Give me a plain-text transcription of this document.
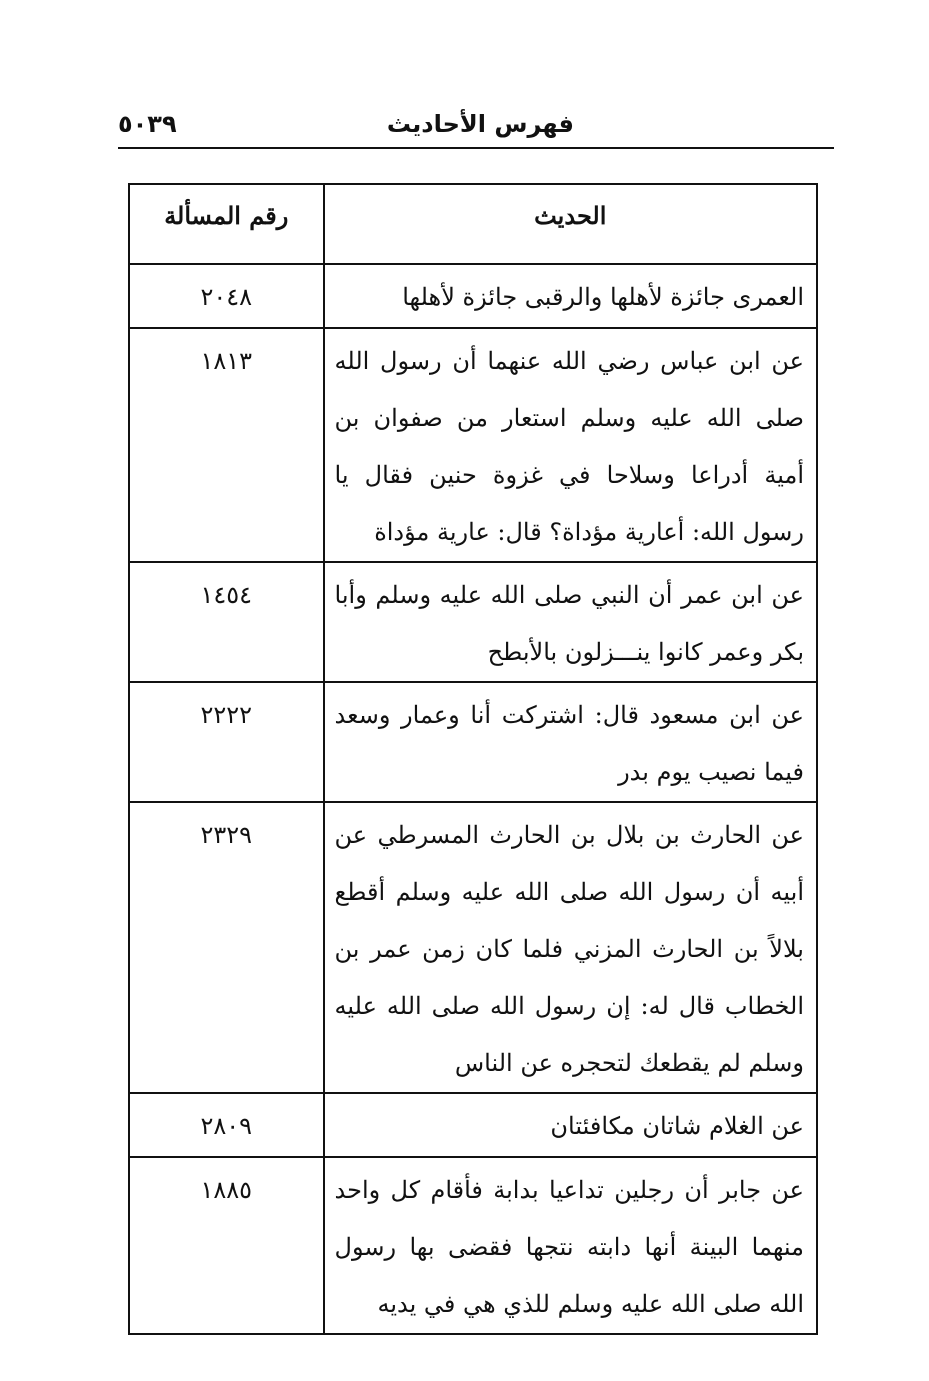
فهرس الأحاديث
٥٠٣٩
الحديث	رقم المسألة
العمرى جائزة لأهلها والرقبى جائزة لأهلها	٢٠٤٨
عن ابن عباس رضي الله عنهما أن رسول الله صلى الله عليه وسلم استعار من صفوان بن أمية أدراعا وسلاحا في غزوة حنين فقال يا رسول الله: أعارية مؤداة؟ قال: عارية مؤداة	١٨١٣
عن ابن عمر أن النبي صلى الله عليه وسلم وأبا بكر وعمر كانوا ينـــزلون بالأبطح	١٤٥٤
عن ابن مسعود قال: اشتركت أنا وعمار وسعد فيما نصيب يوم بدر	٢٢٢٢
عن الحارث بن بلال بن الحارث المسرطي عن أبيه أن رسول الله صلى الله عليه وسلم أقطع بلالاً بن الحارث المزني فلما كان زمن عمر بن الخطاب قال له: إن رسول الله صلى الله عليه وسلم لم يقطعك لتحجره عن الناس	٢٣٢٩
عن الغلام شاتان مكافئتان	٢٨٠٩
عن جابر أن رجلين تداعيا بدابة فأقام كل واحد منهما البينة أنها دابته نتجها فقضى بها رسول الله صلى الله عليه وسلم للذي هي في يديه	١٨٨٥
